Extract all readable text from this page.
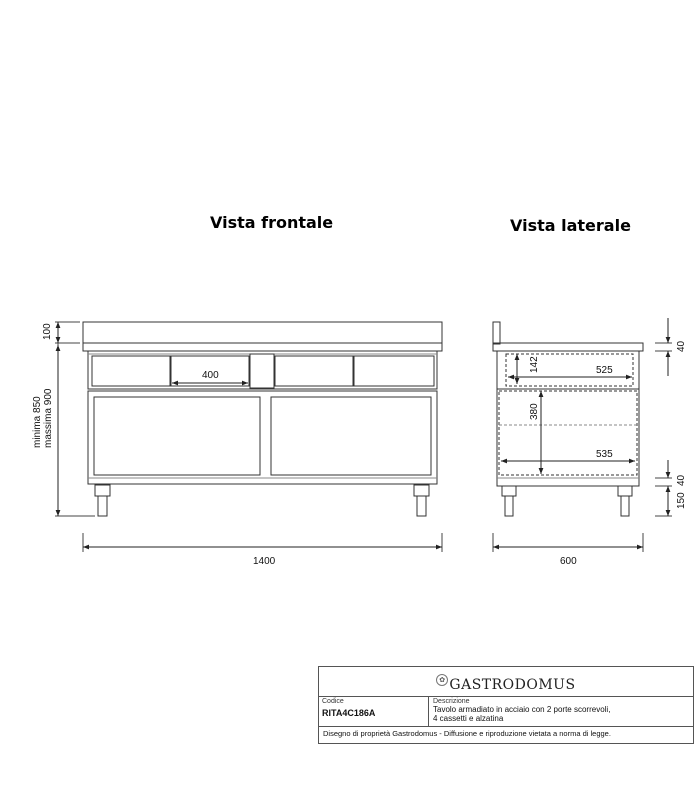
Vista frontale	Vista laterale
100
minima 850 massima 900
400
1400
142	525
380
535
40
40
150
600
✿ GASTRODOMUS
Codice
RITA4C186A
Descrizione
Tavolo armadiato in acciaio con 2 porte scorrevoli,
4 cassetti e alzatina
Disegno di proprietà Gastrodomus - Diffusione e riproduzione vietata a norma di legge.
